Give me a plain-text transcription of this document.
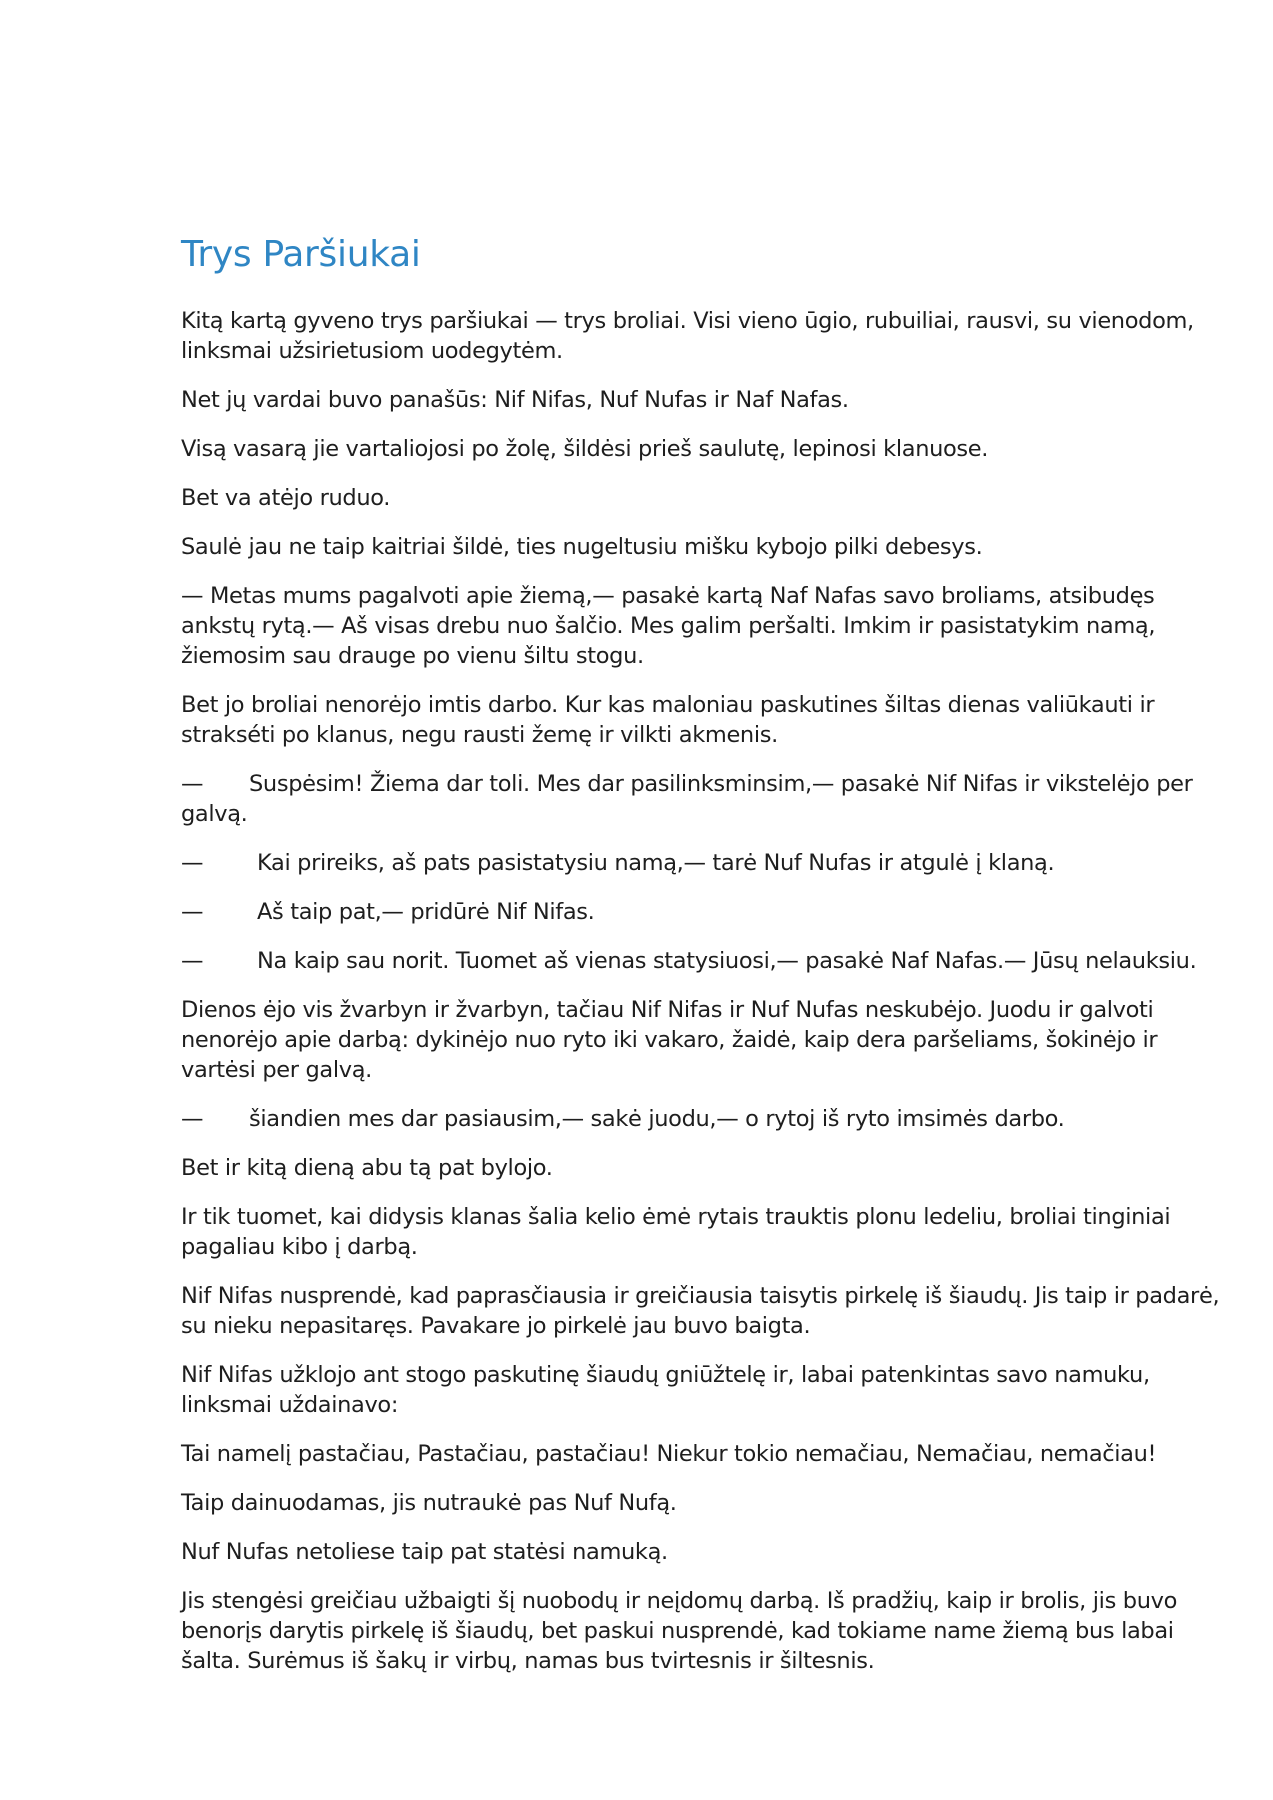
Trys Paršiukai

Kitą kartą gyveno trys paršiukai — trys broliai. Visi vieno ūgio, rubuiliai, rausvi, su vienodom, linksmai užsirietusiom uodegytėm.

Net jų vardai buvo panašūs: Nif Nifas, Nuf Nufas ir Naf Nafas.

Visą vasarą jie vartaliojosi po žolę, šildėsi prieš saulutę, lepinosi klanuose.

Bet va atėjo ruduo.

Saulė jau ne taip kaitriai šildė, ties nugeltusiu mišku kybojo pilki debesys.

— Metas mums pagalvoti apie žiemą,— pasakė kartą Naf Nafas savo broliams, atsibudęs ankstų rytą.— Aš visas drebu nuo šalčio. Mes galim peršalti. Imkim ir pasistatykim namą, žiemosim sau drauge po vienu šiltu stogu.

Bet jo broliai nenorėjo imtis darbo. Kur kas maloniau paskutines šiltas dienas valiūkauti ir strakséti po klanus, negu rausti žemę ir vilkti akmenis.

— Suspėsim! Žiema dar toli. Mes dar pasilinksminsim,— pasakė Nif Nifas ir vikstelėjo per galvą.

— Kai prireiks, aš pats pasistatysiu namą,— tarė Nuf Nufas ir atgulė į klaną.

— Aš taip pat,— pridūrė Nif Nifas.

— Na kaip sau norit. Tuomet aš vienas statysiuosi,— pasakė Naf Nafas.— Jūsų nelauksiu.

Dienos ėjo vis žvarbyn ir žvarbyn, tačiau Nif Nifas ir Nuf Nufas neskubėjo. Juodu ir galvoti nenorėjo apie darbą: dykinėjo nuo ryto iki vakaro, žaidė, kaip dera paršeliams, šokinėjo ir vartėsi per galvą.

— šiandien mes dar pasiausim,— sakė juodu,— o rytoj iš ryto imsimės darbo.

Bet ir kitą dieną abu tą pat bylojo.

Ir tik tuomet, kai didysis klanas šalia kelio ėmė rytais trauktis plonu ledeliu, broliai tinginiai pagaliau kibo į darbą.

Nif Nifas nusprendė, kad paprasčiausia ir greičiausia taisytis pirkelę iš šiaudų. Jis taip ir padarė, su nieku nepasitaręs. Pavakare jo pirkelė jau buvo baigta.

Nif Nifas užklojo ant stogo paskutinę šiaudų gniūžtelę ir, labai patenkintas savo namuku, linksmai uždainavo:

Tai namelį pastačiau, Pastačiau, pastačiau! Niekur tokio nemačiau, Nemačiau, nemačiau!

Taip dainuodamas, jis nutraukė pas Nuf Nufą.

Nuf Nufas netoliese taip pat statėsi namuką.

Jis stengėsi greičiau užbaigti šį nuobodų ir neįdomų darbą. Iš pradžių, kaip ir brolis, jis buvo benorįs darytis pirkelę iš šiaudų, bet paskui nusprendė, kad tokiame name žiemą bus labai šalta. Surėmus iš šakų ir virbų, namas bus tvirtesnis ir šiltesnis.
